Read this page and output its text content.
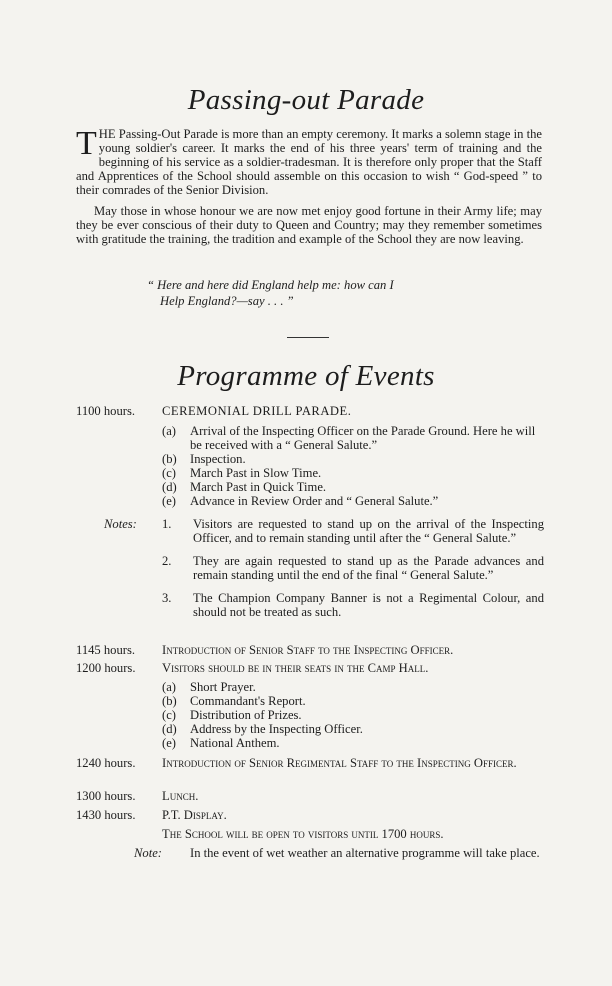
Passing-out Parade

THE Passing-Out Parade is more than an empty ceremony. It marks a solemn stage in the young soldier's career. It marks the end of his three years' term of training and the beginning of his service as a soldier-tradesman. It is therefore only proper that the Staff and Apprentices of the School should assemble on this occasion to wish “ God-speed ” to their comrades of the Senior Division.

May those in whose honour we are now met enjoy good fortune in their Army life; may they be ever conscious of their duty to Queen and Country; may they remember sometimes with gratitude the training, the tradition and example of the School they are now leaving.

“ Here and here did England help me: how can I
Help England?—say . . . ”
Programme of Events
1100 hours.	CEREMONIAL DRILL PARADE.
(a)	Arrival of the Inspecting Officer on the Parade Ground. Here he will be received with a “ General Salute.”
(b)	Inspection.
(c)	March Past in Slow Time.
(d)	March Past in Quick Time.
(e)	Advance in Review Order and “ General Salute.”
Notes: 1.	Visitors are requested to stand up on the arrival of the Inspecting Officer, and to remain standing until after the “ General Salute.”
2.	They are again requested to stand up as the Parade advances and remain standing until the end of the final “ General Salute.”
3.	The Champion Company Banner is not a Regimental Colour, and should not be treated as such.
1145 hours.	Introduction of Senior Staff to the Inspecting Officer.
1200 hours.	Visitors should be in their seats in the Camp Hall.
(a)	Short Prayer.
(b)	Commandant's Report.
(c)	Distribution of Prizes.
(d)	Address by the Inspecting Officer.
(e)	National Anthem.
1240 hours.	Introduction of Senior Regimental Staff to the Inspecting Officer.
1300 hours.	Lunch.
1430 hours.	P.T. Display.
The School will be open to visitors until 1700 hours.
Note: In the event of wet weather an alternative programme will take place.
